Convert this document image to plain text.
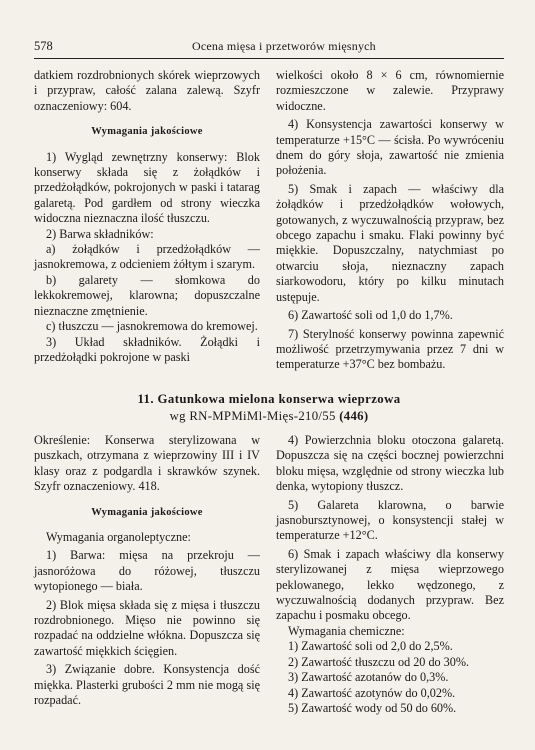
578	Ocena mięsa i przetworów mięsnych

datkiem rozdrobnionych skórek wieprzowych i przypraw, całość zalana zalewą. Szyfr oznaczeniowy: 604.

Wymagania jakościowe

1) Wygląd zewnętrzny konserwy: Blok konserwy składa się z żołądków i przedżołądków, pokrojonych w paski i tatarag galaretą. Pod gardłem od strony wieczka widoczna nieznaczna ilość tłuszczu.

2) Barwa składników:

a) żołądków i przedżołądków — jasnokremowa, z odcieniem żółtym i szarym.

b) galarety — słomkowa do lekkokremowej, klarowna; dopuszczalne nieznaczne zmętnienie.

c) tłuszczu — jasnokremowa do kremowej.

3) Układ składników. Żołądki i przedżołądki pokrojone w paski

wielkości około 8 × 6 cm, równomiernie rozmieszczone w zalewie. Przyprawy widoczne.

4) Konsystencja zawartości konserwy w temperaturze +15°C — ścisła. Po wywróceniu dnem do góry słoja, zawartość nie zmienia położenia.

5) Smak i zapach — właściwy dla żołądków i przedżołądków wołowych, gotowanych, z wyczuwalnością przypraw, bez obcego zapachu i smaku. Flaki powinny być miękkie. Dopuszczalny, natychmiast po otwarciu słoja, nieznaczny zapach siarkowodoru, który po kilku minutach ustępuje.

6) Zawartość soli od 1,0 do 1,7%.

7) Sterylność konserwy powinna zapewnić możliwość przetrzymywania przez 7 dni w temperaturze +37°C bez bombażu.

11. Gatunkowa mielona konserwa wieprzowa
wg RN-MPMiMl-Mięs-210/55 (446)

Określenie: Konserwa sterylizowana w puszkach, otrzymana z wieprzowiny III i IV klasy oraz z podgardla i skrawków szynek. Szyfr oznaczeniowy. 418.

Wymagania jakościowe

Wymagania organoleptyczne:

1) Barwa: mięsa na przekroju — jasnoróżowa do różowej, tłuszczu wytopionego — biała.

2) Blok mięsa składa się z mięsa i tłuszczu rozdrobnionego. Mięso nie powinno się rozpadać na oddzielne włókna. Dopuszcza się zawartość miękkich ścięgien.

3) Związanie dobre. Konsystencja dość miękka. Plasterki grubości 2 mm nie mogą się rozpadać.

4) Powierzchnia bloku otoczona galaretą. Dopuszcza się na części bocznej powierzchni bloku mięsa, względnie od strony wieczka lub denka, wytopiony tłuszcz.

5) Galareta klarowna, o barwie jasnobursztynowej, o konsystencji stałej w temperaturze +12°C.

6) Smak i zapach właściwy dla konserwy sterylizowanej z mięsa wieprzowego peklowanego, lekko wędzonego, z wyczuwalnością dodanych przypraw. Bez zapachu i posmaku obcego.

Wymagania chemiczne:

1) Zawartość soli od 2,0 do 2,5%.

2) Zawartość tłuszczu od 20 do 30%.

3) Zawartość azotanów do 0,3%.

4) Zawartość azotynów do 0,02%.

5) Zawartość wody od 50 do 60%.
